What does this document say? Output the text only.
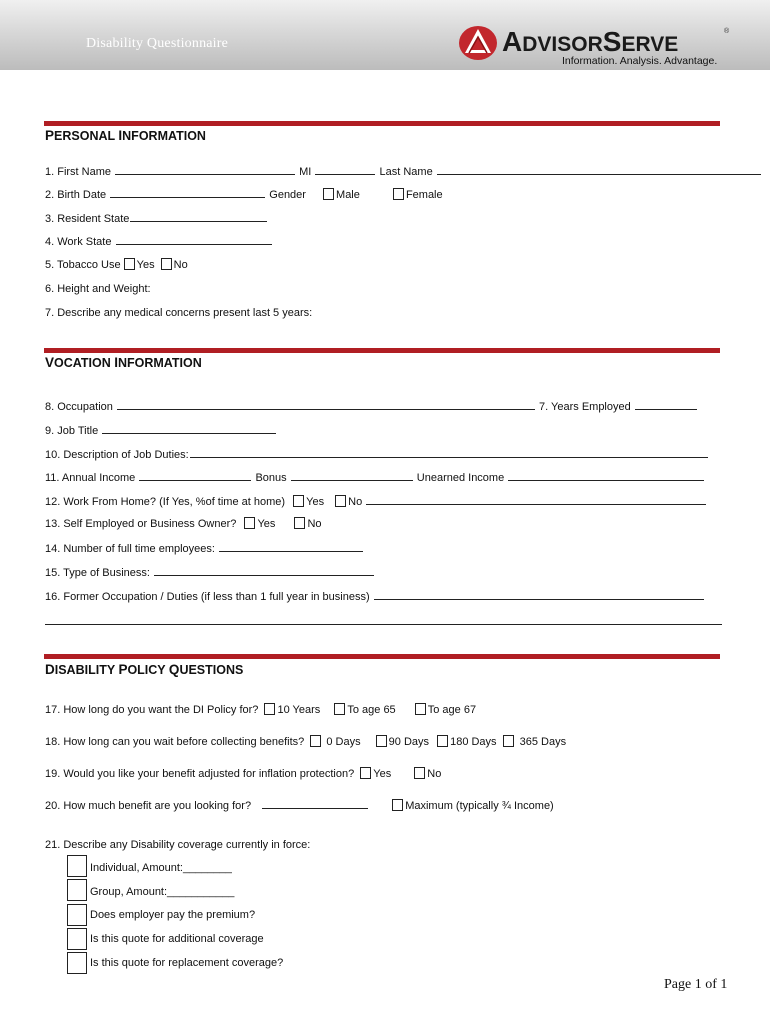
Disability Questionnaire	ADVISORSERVE
®
Information. Analysis. Advantage.
PERSONAL INFORMATION
1. First Name	MI	Last Name
2. Birth Date	Gender	Male	Female
3. Resident State
4. Work State
5. Tobacco Use Yes No
6. Height and Weight:
7. Describe any medical concerns present last 5 years:
VOCATION INFORMATION
8. Occupation	7. Years Employed
9. Job Title
10. Description of Job Duties:
11. Annual Income	Bonus	Unearned Income
12. Work From Home? (If Yes, %of time at home) Yes No
13. Self Employed or Business Owner? Yes	No
14. Number of full time employees:
15. Type of Business:
16. Former Occupation / Duties (if less than 1 full year in business)
DISABILITY POLICY QUESTIONS
17. How long do you want the DI Policy for? 10 Years To age 65	To age 67
18. How long can you wait before collecting benefits? 0 Days	90 Days 180 Days 365 Days
19. Would you like your benefit adjusted for inflation protection? Yes	No
20. How much benefit are you looking for?	Maximum (typically ¾ Income)
21. Describe any Disability coverage currently in force:
Individual, Amount:________
Group, Amount:___________
Does employer pay the premium?
Is this quote for additional coverage
Is this quote for replacement coverage?
Page 1 of 1
